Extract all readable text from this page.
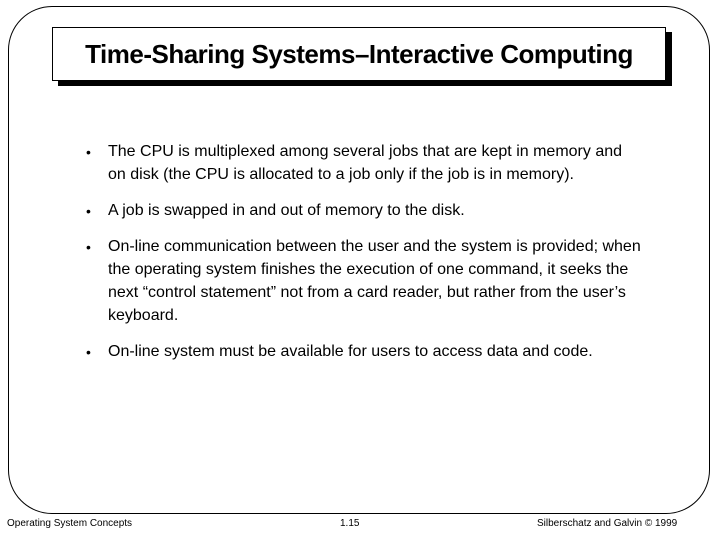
Time-Sharing Systems–Interactive Computing
• The CPU is multiplexed among several jobs that are kept in memory and on disk (the CPU is allocated to a job only if the job is in memory).
• A job is swapped in and out of memory to the disk.
• On-line communication between the user and the system is provided; when the operating system finishes the execution of one command, it seeks the next “control statement” not from a card reader, but rather from the user’s keyboard.
• On-line system must be available for users to access data and code.
Operating System Concepts	1.15	Silberschatz and Galvin © 1999
